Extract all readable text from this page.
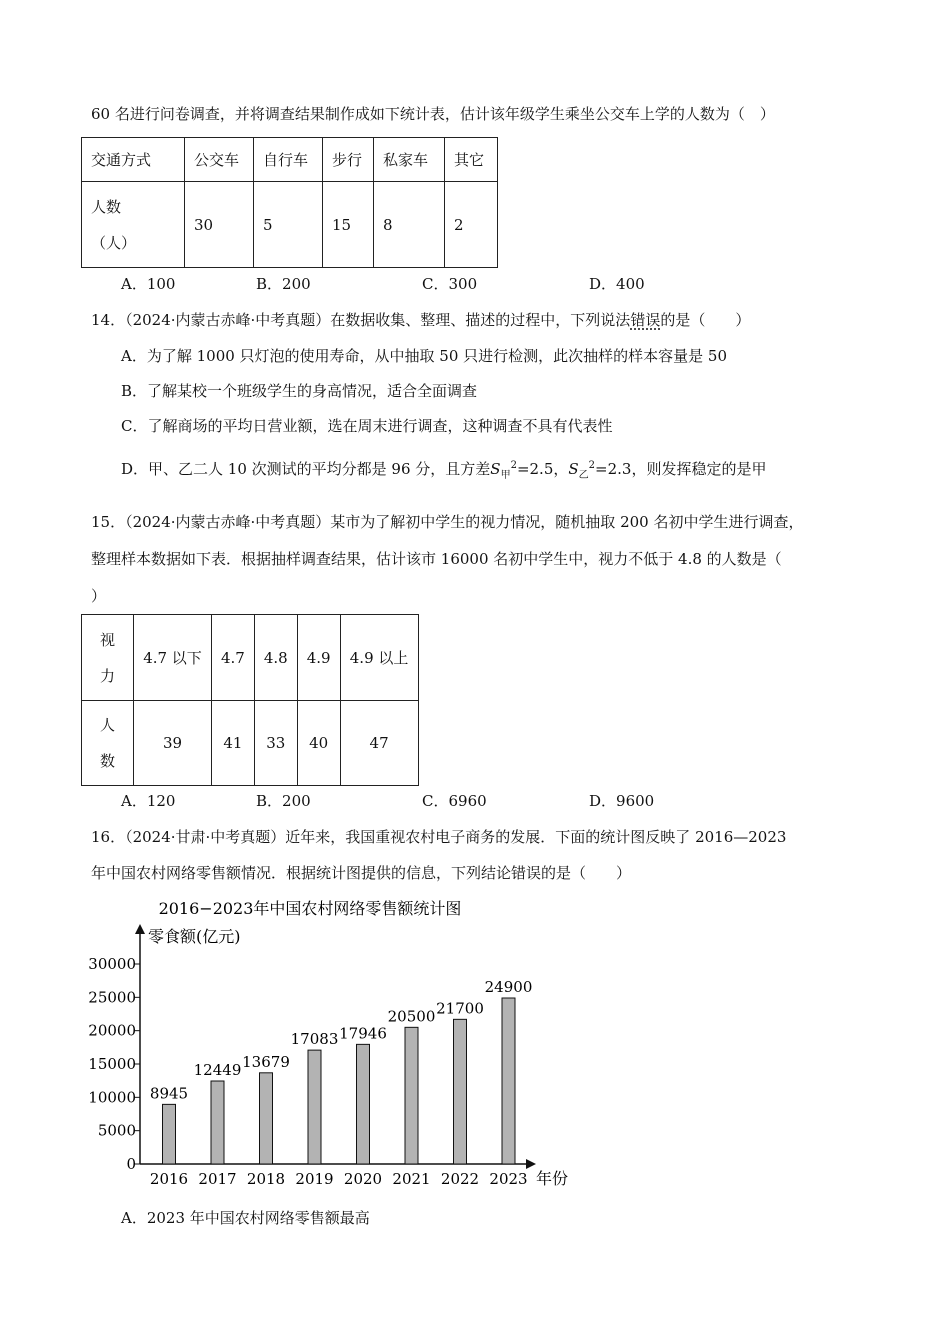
60 名进行问卷调查，并将调查结果制作成如下统计表，估计该年级学生乘坐公交车上学的人数为（　）
交通方式	公交车	自行车	步行	私家车	其它

人数
（人）	30	5	15	8	2
A．100	B．200	C．300	D．400
14．（2024·内蒙古赤峰·中考真题）在数据收集、整理、描述的过程中，下列说法错误的是（　　）
A．为了解 1000 只灯泡的使用寿命，从中抽取 50 只进行检测，此次抽样的样本容量是 50
B．了解某校一个班级学生的身高情况，适合全面调查
C．了解商场的平均日营业额，选在周末进行调查，这种调查不具有代表性
D．甲、乙二人 10 次测试的平均分都是 96 分，且方差$S_甲^2=2.5$，$S_乙^2=2.3$，则发挥稳定的是甲
15．（2024·内蒙古赤峰·中考真题）某市为了解初中学生的视力情况，随机抽取 200 名初中学生进行调查，
整理样本数据如下表．根据抽样调查结果，估计该市 16000 名初中学生中，视力不低于 4.8 的人数是（
）
视
力	4.7 以下	4.7	4.8	4.9	4.9 以上

人
数	39	41	33	40	47
A．120	B．200	C．6960	D．9600
16．（2024·甘肃·中考真题）近年来，我国重视农村电子商务的发展．下面的统计图反映了 2016—2023
年中国农村网络零售额情况．根据统计图提供的信息，下列结论错误的是（　　）
2016−2023年中国农村网络零售额统计图
零食额(亿元)
年份
0
5000
10000
15000
20000
25000
30000
8945
2016
12449
2017
13679
2018
17083
2019
17946
2020
20500
2021
21700
2022
24900
2023
A．2023 年中国农村网络零售额最高
